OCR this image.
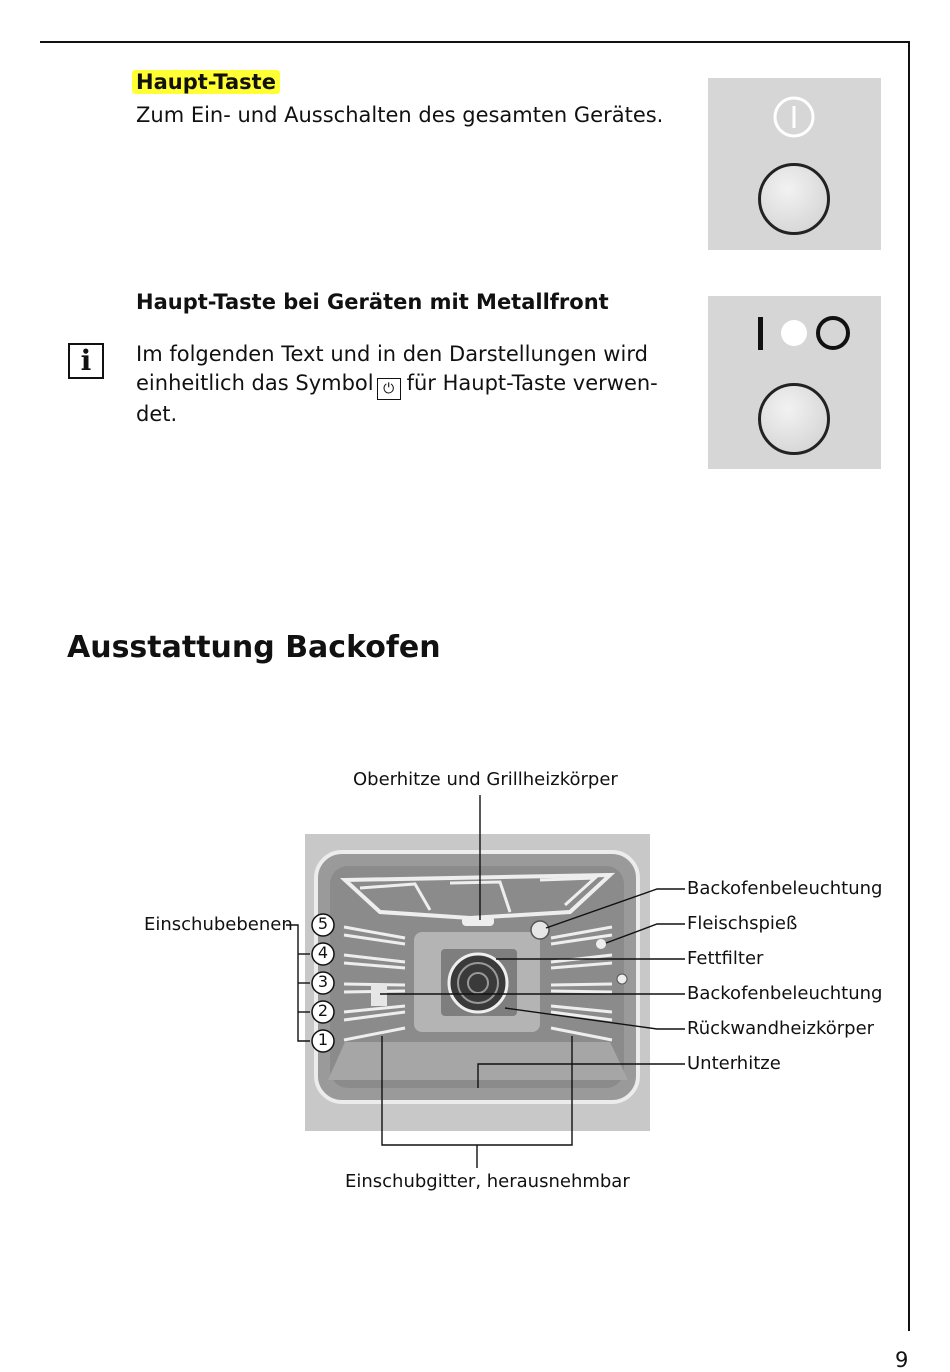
Haupt-Taste
Zum Ein- und Ausschalten des gesamten Gerätes.
Haupt-Taste bei Geräten mit Metallfront
i	Im folgenden Text und in den Darstellungen wird einheitlich das Symbol ⏻ für Haupt-Taste verwen-det.
Ausstattung Backofen
Oberhitze und Grillheizkörper
Einschubebenen 5
4
3
2
1
Backofenbeleuchtung
Fleischspieß
Fettfilter
Backofenbeleuchtung
Rückwandheizkörper
Unterhitze
Einschubgitter, herausnehmbar
9
